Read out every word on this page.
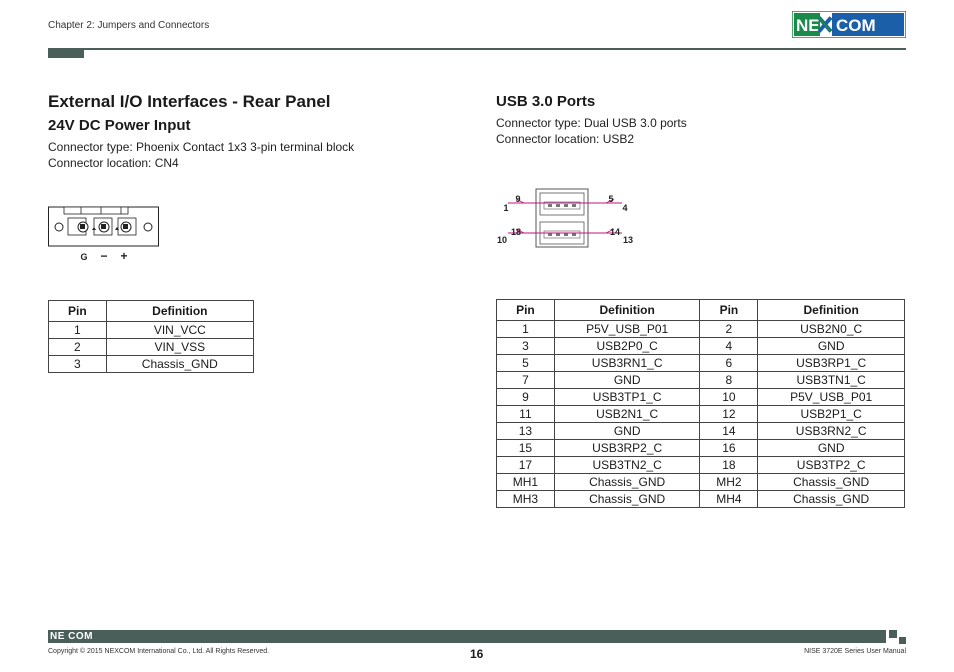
Chapter 2: Jumpers and Connectors	NE COM
External I/O Interfaces - Rear Panel
24V DC Power Input
Connector type: Phoenix Contact 1x3 3-pin terminal block
Connector location: CN4
G − +
Pin	Definition
1	VIN_VCC
2	VIN_VSS
3	Chassis_GND
USB 3.0 Ports
Connector type: Dual USB 3.0 ports
Connector location: USB2
1
9	5
4
10
18	14
13
Pin	Definition	Pin	Definition
1	P5V_USB_P01	2	USB2N0_C
3	USB2P0_C	4	GND
5	USB3RN1_C	6	USB3RP1_C
7	GND	8	USB3TN1_C
9	USB3TP1_C	10	P5V_USB_P01
11	USB2N1_C	12	USB2P1_C
13	GND	14	USB3RN2_C
15	USB3RP2_C	16	GND
17	USB3TN2_C	18	USB3TP2_C
MH1	Chassis_GND	MH2	Chassis_GND
MH3	Chassis_GND	MH4	Chassis_GND
NE COM
Copyright © 2015 NEXCOM International Co., Ltd. All Rights Reserved.	16	NISE 3720E Series User Manual
